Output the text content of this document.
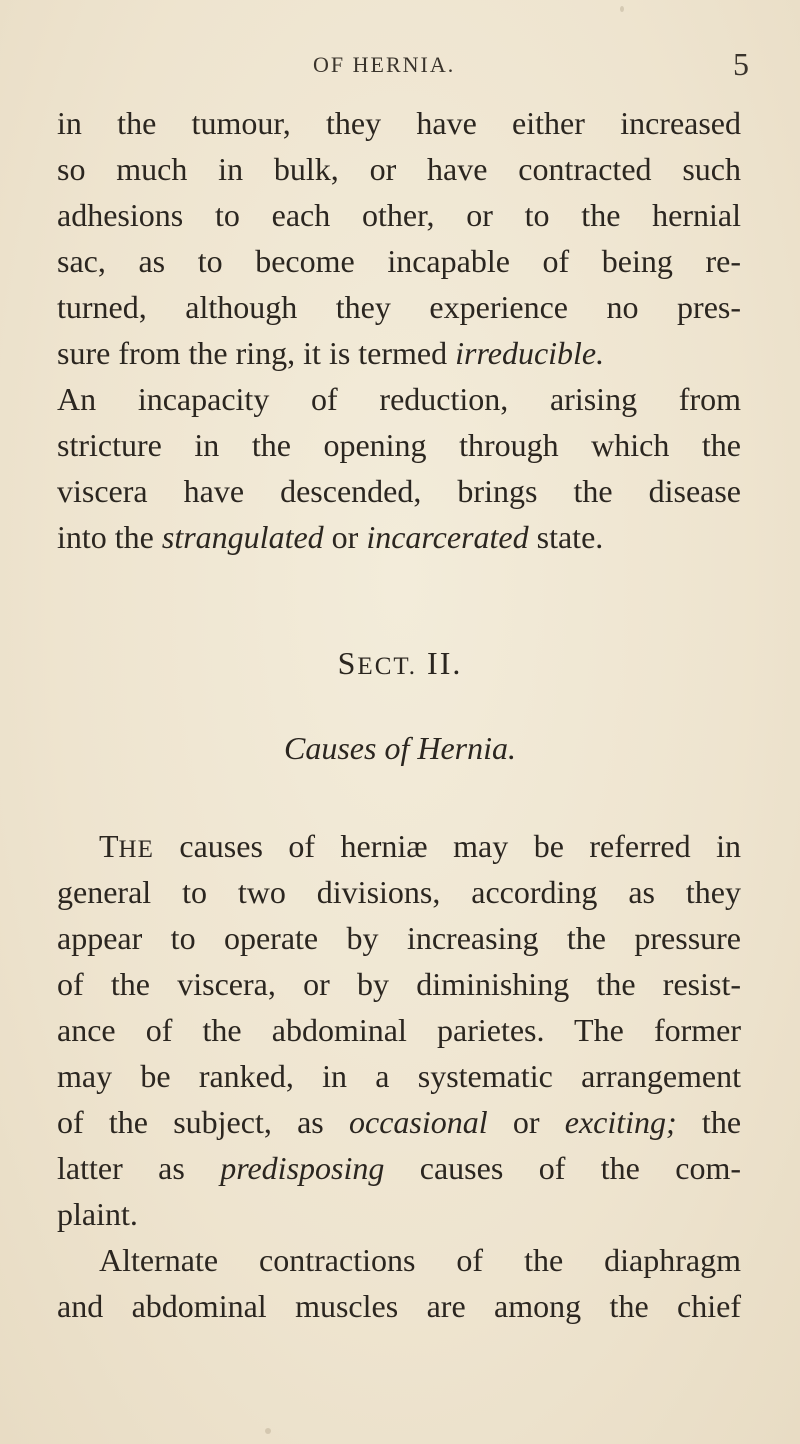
OF HERNIA.	5
in the tumour, they have either increased
so much in bulk, or have contracted such
adhesions to each other, or to the hernial
sac, as to become incapable of being re-
turned, although they experience no pres-
sure from the ring, it is termed irreducible.
An incapacity of reduction, arising from
stricture in the opening through which the
viscera have descended, brings the disease
into the strangulated or incarcerated state.
SECT. II.
Causes of Hernia.
THE causes of herniæ may be referred in
general to two divisions, according as they
appear to operate by increasing the pressure
of the viscera, or by diminishing the resist-
ance of the abdominal parietes. The former
may be ranked, in a systematic arrangement
of the subject, as occasional or exciting; the
latter as predisposing causes of the com-
plaint.
Alternate contractions of the diaphragm
and abdominal muscles are among the chief
